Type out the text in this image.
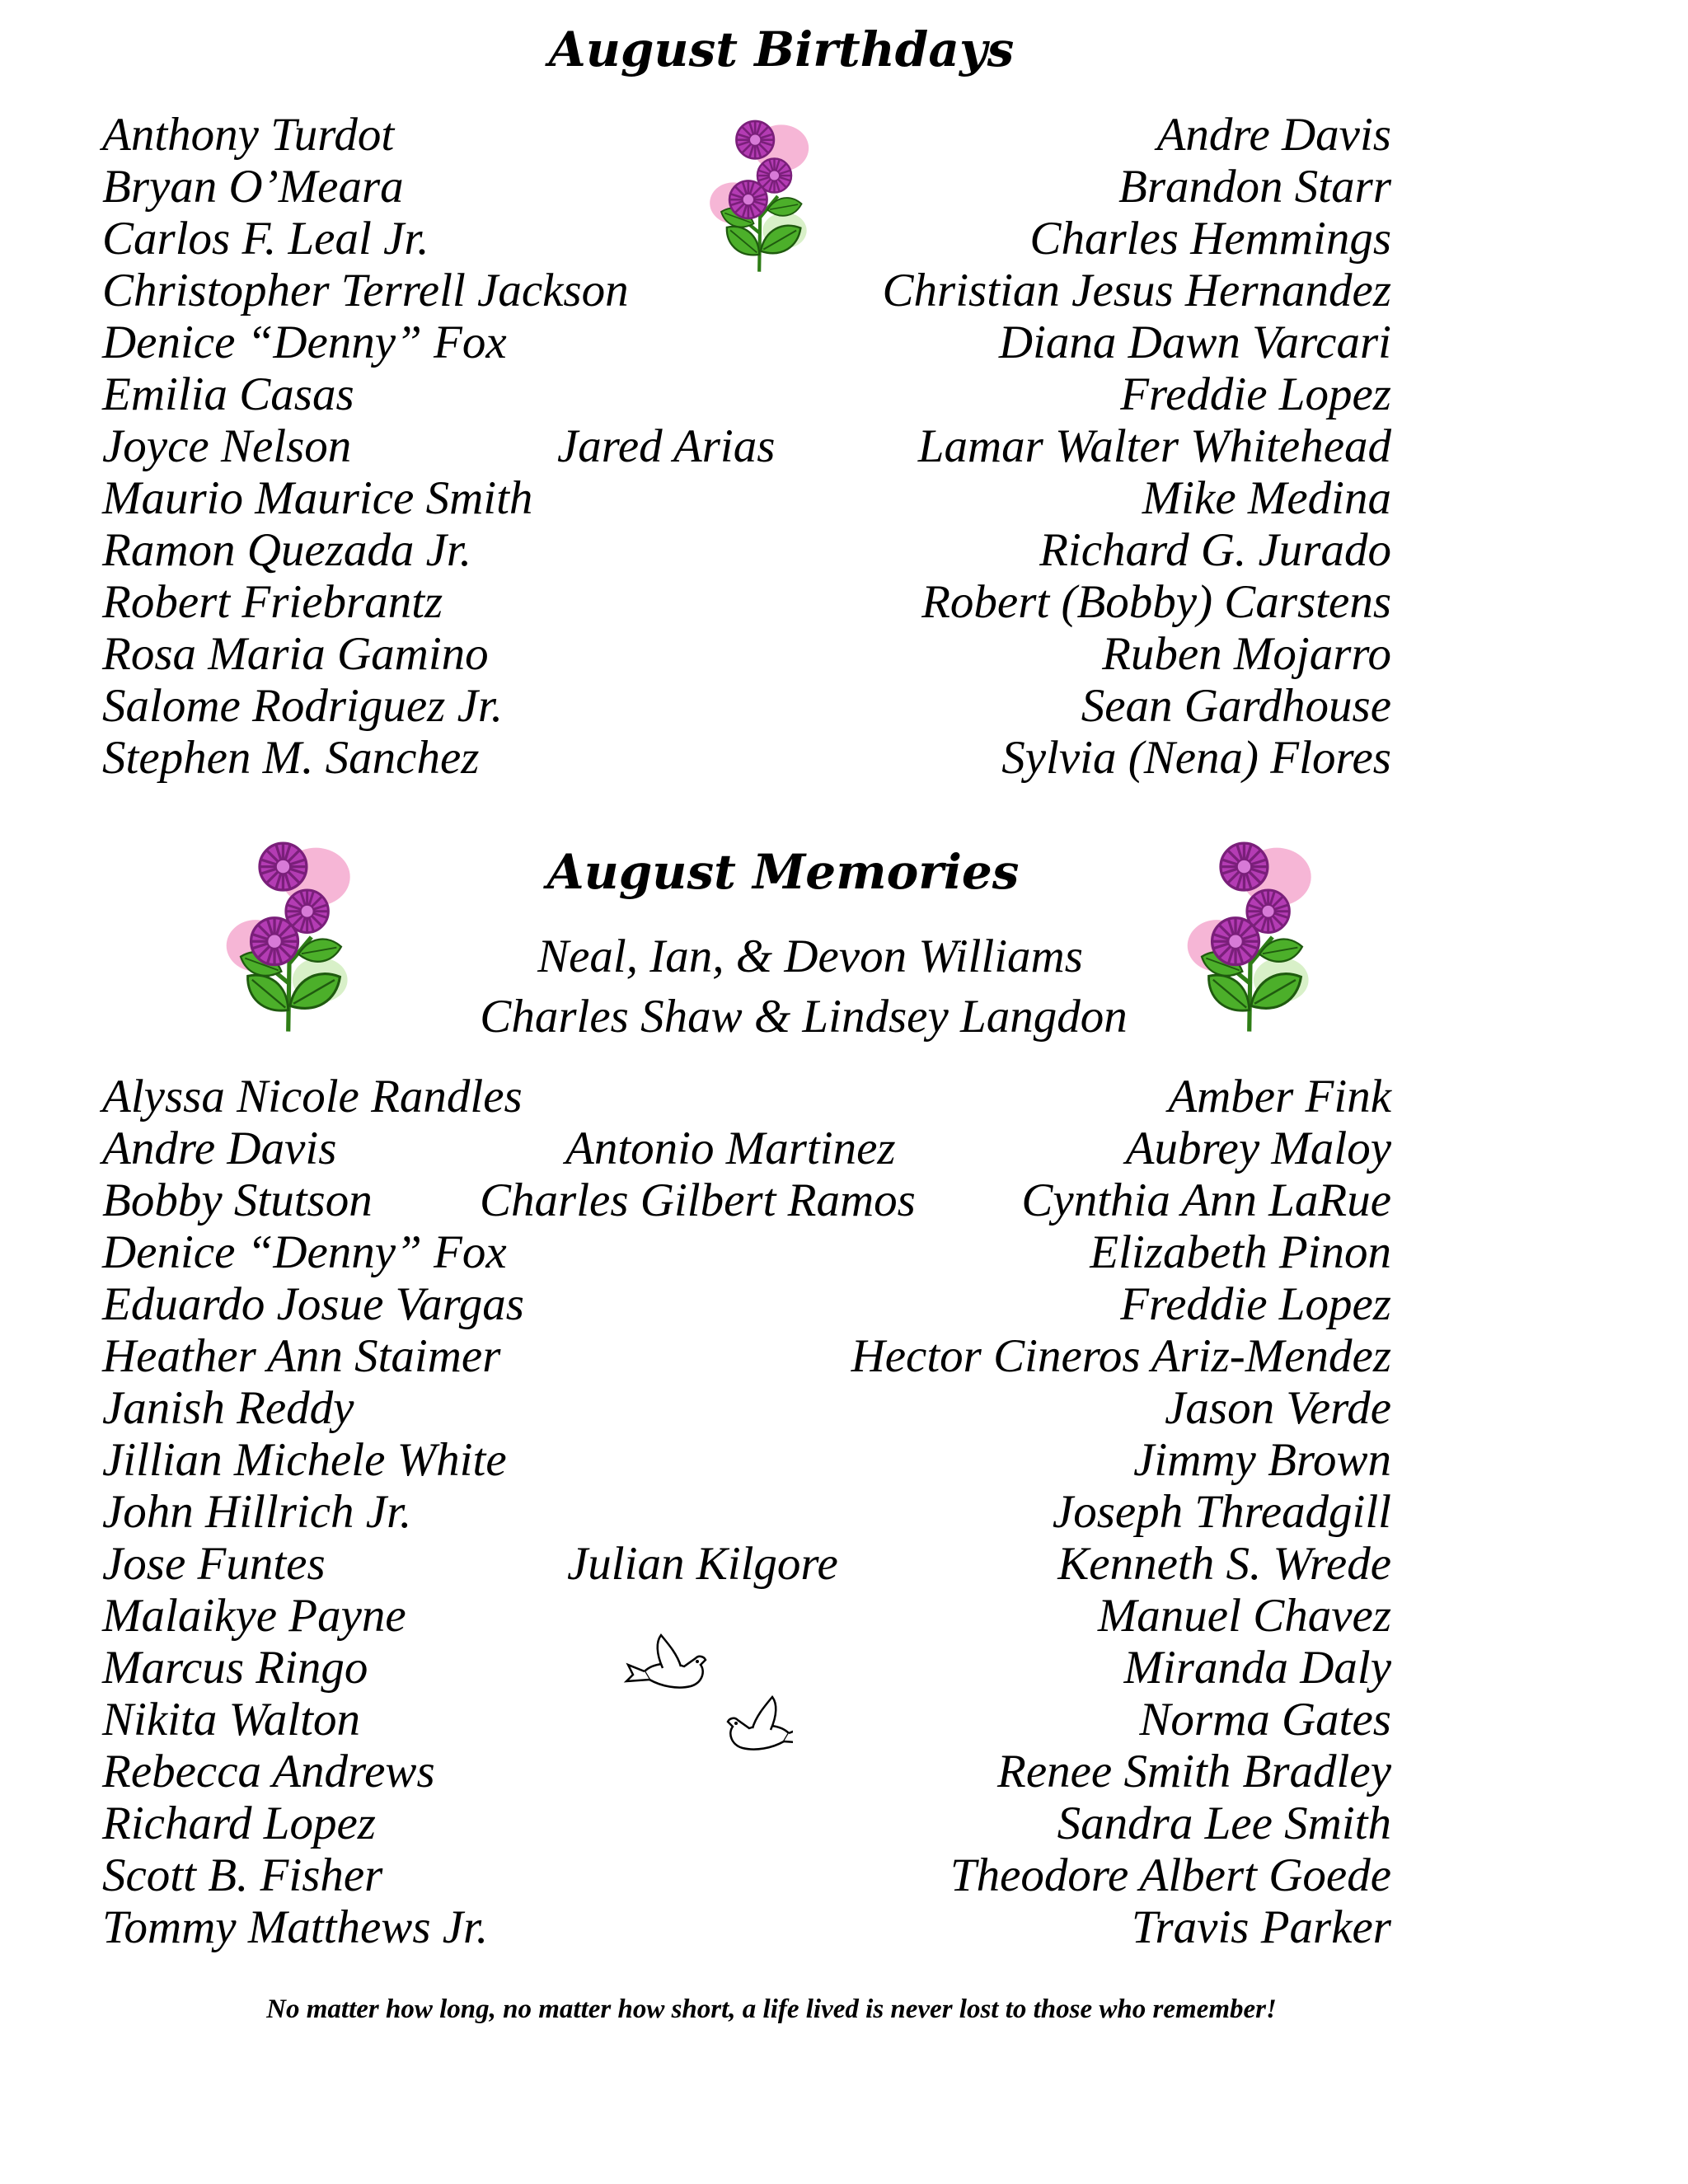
August Birthdays
Anthony Turdot
Bryan O’Meara
Carlos F. Leal Jr.
Christopher Terrell Jackson
Denice “Denny” Fox
Emilia Casas
Joyce Nelson
Maurio Maurice Smith
Ramon Quezada Jr.
Robert Friebrantz
Rosa Maria Gamino
Salome Rodriguez Jr.
Stephen M. Sanchez
Jared Arias
Andre Davis
Brandon Starr
Charles Hemmings
Christian Jesus Hernandez
Diana Dawn Varcari
Freddie Lopez
Lamar Walter Whitehead
Mike Medina
Richard G. Jurado
Robert (Bobby) Carstens
Ruben Mojarro
Sean Gardhouse
Sylvia (Nena) Flores
August Memories
Neal, Ian, & Devon Williams
Charles Shaw & Lindsey Langdon
Alyssa Nicole Randles
Andre Davis
Bobby Stutson
Denice “Denny” Fox
Eduardo Josue Vargas
Heather Ann Staimer
Janish Reddy
Jillian Michele White
John Hillrich Jr.
Jose Funtes
Malaikye Payne
Marcus Ringo
Nikita Walton
Rebecca Andrews
Richard Lopez
Scott B. Fisher
Tommy Matthews Jr.
Antonio Martinez
Charles Gilbert Ramos
Julian Kilgore
Amber Fink
Aubrey Maloy
Cynthia Ann LaRue
Elizabeth Pinon
Freddie Lopez
Hector Cineros Ariz-Mendez
Jason Verde
Jimmy Brown
Joseph Threadgill
Kenneth S. Wrede
Manuel Chavez
Miranda Daly
Norma Gates
Renee Smith Bradley
Sandra Lee Smith
Theodore Albert Goede
Travis Parker
No matter how long, no matter how short, a life lived is never lost to those who remember!
